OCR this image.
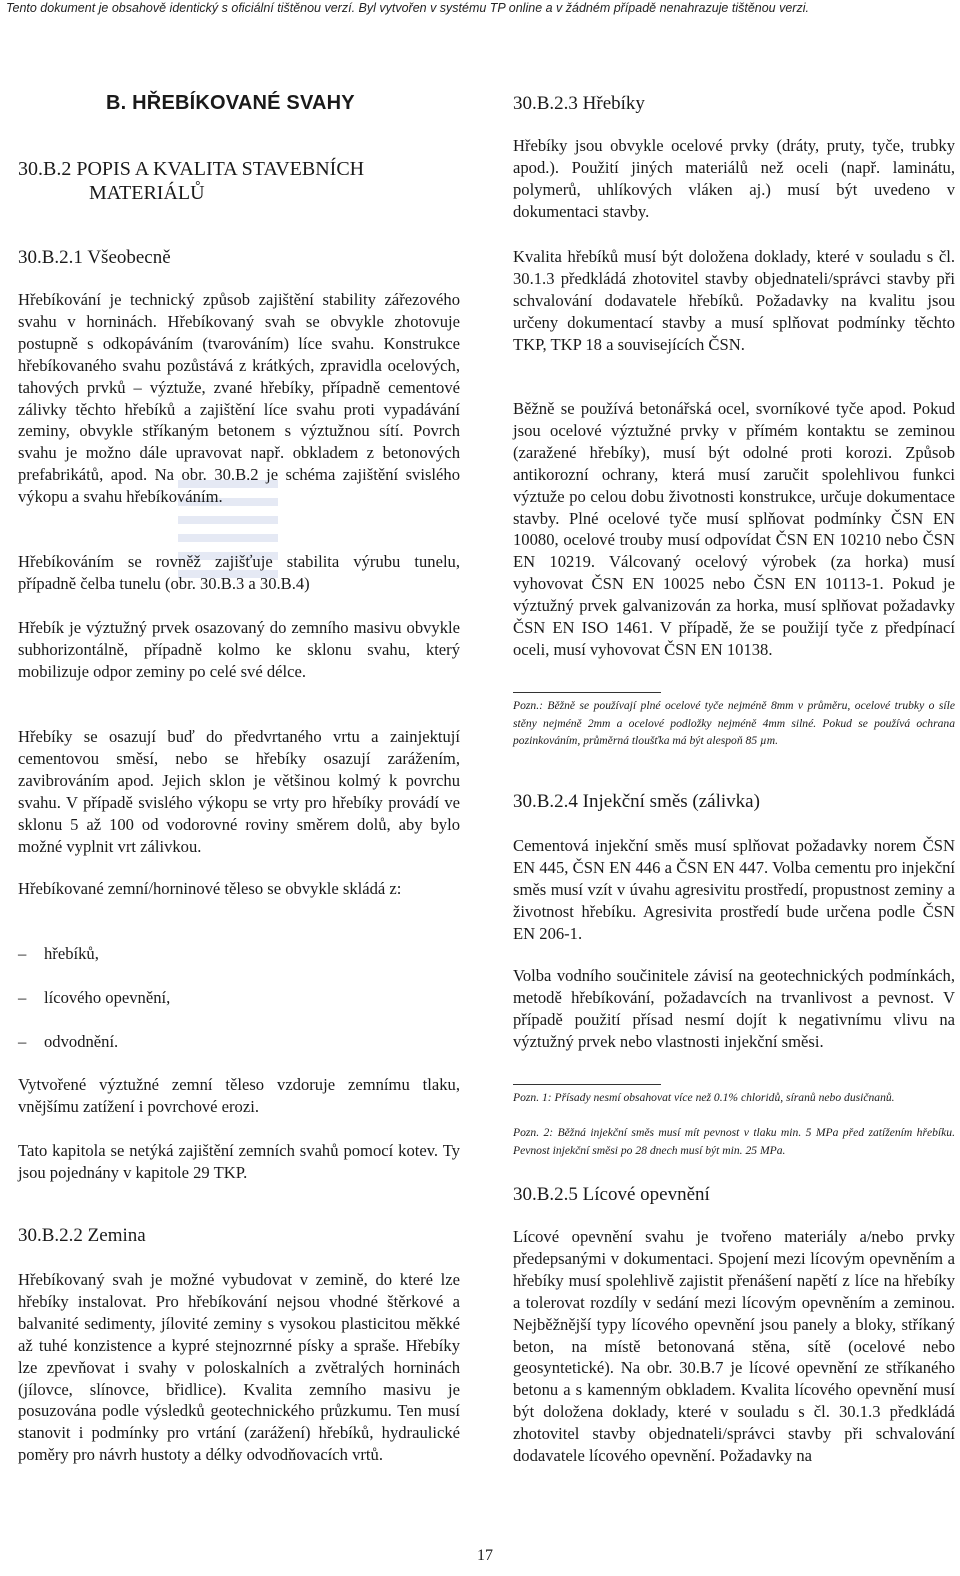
Tento dokument je obsahově identický s oficiální tištěnou verzí. Byl vytvořen v systému TP online a v žádném případě nenahrazuje tištěnou verzi.
B. HŘEBÍKOVANÉ SVAHY
30.B.2 POPIS A KVALITA STAVEBNÍCH
MATERIÁLŮ
30.B.2.1 Všeobecně

Hřebíkování je technický způsob zajištění stability zářezového svahu v horninách. Hřebíkovaný svah se obvykle zhotovuje postupně s odkopáváním (tvarováním) líce svahu. Konstrukce hřebíkovaného svahu pozůstává z krátkých, zpravidla ocelových, tahových prvků – výztuže, zvané hřebíky, případně cementové zálivky těchto hřebíků a zajištění líce svahu proti vypadávání zeminy, obvykle stříkaným betonem s výztužnou sítí. Povrch svahu je možno dále upravovat např. obkladem z betonových prefabrikátů, apod. Na obr. 30.B.2 je schéma zajištění svislého výkopu a svahu hřebíkováním.

Hřebíkováním se rovněž zajišťuje stabilita výrubu tunelu, případně čelba tunelu (obr. 30.B.3 a 30.B.4)

Hřebík je výztužný prvek osazovaný do zemního masivu obvykle subhorizontálně, případně kolmo ke sklonu svahu, který mobilizuje odpor zeminy po celé své délce.

Hřebíky se osazují buď do předvrtaného vrtu a zainjektují cementovou směsí, nebo se hřebíky osazují zarážením, zavibrováním apod. Jejich sklon je většinou kolmý k povrchu svahu. V případě svislého výkopu se vrty pro hřebíky provádí ve sklonu 5 až 100 od vodorovné roviny směrem dolů, aby bylo možné vyplnit vrt zálivkou.

Hřebíkované zemní/horninové těleso se obvykle skládá z:

– hřebíků,
– lícového opevnění,
– odvodnění.

Vytvořené výztužné zemní těleso vzdoruje zemnímu tlaku, vnějšímu zatížení i povrchové erozi.

Tato kapitola se netýká zajištění zemních svahů pomocí kotev. Ty jsou pojednány v kapitole 29 TKP.

30.B.2.2 Zemina

Hřebíkovaný svah je možné vybudovat v zemině, do které lze hřebíky instalovat. Pro hřebíkování nejsou vhodné štěrkové a balvanité sedimenty, jílovité zeminy s vysokou plasticitou měkké až tuhé konzistence a kypré stejnozrnné písky a spraše. Hřebíky lze zpevňovat i svahy v poloskalních a zvětralých horninách (jílovce, slínovce, břidlice). Kvalita zemního masivu je posuzována podle výsledků geotechnického průzkumu. Ten musí stanovit i podmínky pro vrtání (zarážení) hřebíků, hydraulické poměry pro návrh hustoty a délky odvodňovacích vrtů.

30.B.2.3 Hřebíky

Hřebíky jsou obvykle ocelové prvky (dráty, pruty, tyče, trubky apod.). Použití jiných materiálů než oceli (např. laminátu, polymerů, uhlíkových vláken aj.) musí být uvedeno v dokumentaci stavby.

Kvalita hřebíků musí být doložena doklady, které v souladu s čl. 30.1.3 předkládá zhotovitel stavby objednateli/správci stavby při schvalování dodavatele hřebíků. Požadavky na kvalitu jsou určeny dokumentací stavby a musí splňovat podmínky těchto TKP, TKP 18 a souvisejících ČSN.

Běžně se používá betonářská ocel, svorníkové tyče apod. Pokud jsou ocelové výztužné prvky v přímém kontaktu se zeminou (zaražené hřebíky), musí být odolné proti korozi. Způsob antikorozní ochrany, která musí zaručit spolehlivou funkci výztuže po celou dobu životnosti konstrukce, určuje dokumentace stavby. Plné ocelové tyče musí splňovat podmínky ČSN EN 10080, ocelové trouby musí odpovídat ČSN EN 10210 nebo ČSN EN 10219. Válcovaný ocelový výrobek (za horka) musí vyhovovat ČSN EN 10025 nebo ČSN EN 10113-1. Pokud je výztužný prvek galvanizován za horka, musí splňovat požadavky ČSN EN ISO 1461. V případě, že se použijí tyče z předpínací oceli, musí vyhovovat ČSN EN 10138.

Pozn.: Běžně se používají plné ocelové tyče nejméně 8mm v průměru, ocelové trubky o síle stěny nejméně 2mm a ocelové podložky nejméně 4mm silné. Pokud se používá ochrana pozinkováním, průměrná tloušťka má být alespoň 85 µm.
30.B.2.4 Injekční směs (zálivka)

Cementová injekční směs musí splňovat požadavky norem ČSN EN 445, ČSN EN 446 a ČSN EN 447. Volba cementu pro injekční směs musí vzít v úvahu agresivitu prostředí, propustnost zeminy a životnost hřebíku. Agresivita prostředí bude určena podle ČSN EN 206-1.

Volba vodního součinitele závisí na geotechnických podmínkách, metodě hřebíkování, požadavcích na trvanlivost a pevnost. V případě použití přísad nesmí dojít k negativnímu vlivu na výztužný prvek nebo vlastnosti injekční směsi.

Pozn. 1: Přísady nesmí obsahovat více než 0.1% chloridů, síranů nebo dusičnanů.
Pozn. 2: Běžná injekční směs musí mít pevnost v tlaku min. 5 MPa před zatížením hřebíku. Pevnost injekční směsi po 28 dnech musí být min. 25 MPa.
30.B.2.5 Lícové opevnění

Lícové opevnění svahu je tvořeno materiály a/nebo prvky předepsanými v dokumentaci. Spojení mezi lícovým opevněním a hřebíky musí spolehlivě zajistit přenášení napětí z líce na hřebíky a tolerovat rozdíly v sedání mezi lícovým opevněním a zeminou. Nejběžnější typy lícového opevnění jsou panely a bloky, stříkaný beton, na místě betonovaná stěna, sítě (ocelové nebo geosyntetické). Na obr. 30.B.7 je lícové opevnění ze stříkaného betonu a s kamenným obkladem. Kvalita lícového opevnění musí být doložena doklady, které v souladu s čl. 30.1.3 předkládá zhotovitel stavby objednateli/správci stavby při schvalování dodavatele lícového opevnění. Požadavky na

17
